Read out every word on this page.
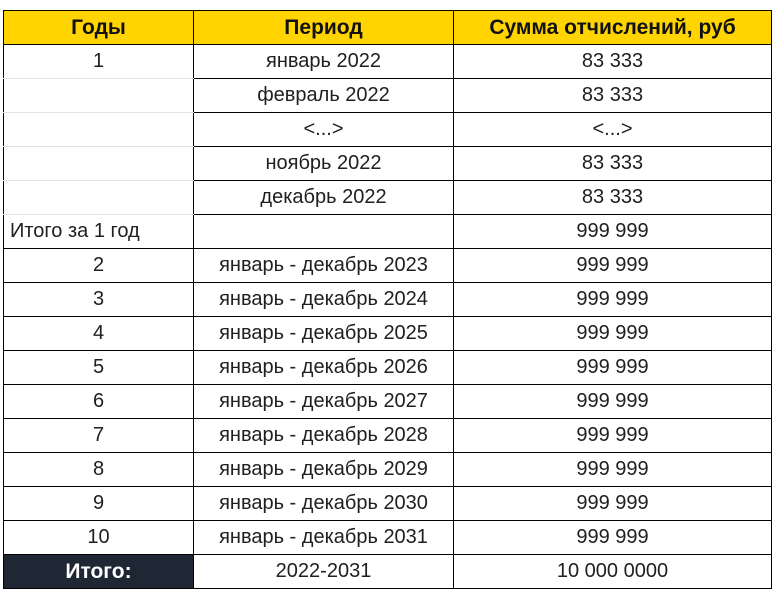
Годы	Период	Сумма отчислений, руб
1	январь 2022	83 333
	февраль 2022	83 333
	<...>	<...>
	ноябрь 2022	83 333
	декабрь 2022	83 333
Итого за 1 год		999 999
2	январь - декабрь 2023	999 999
3	январь - декабрь 2024	999 999
4	январь - декабрь 2025	999 999
5	январь - декабрь 2026	999 999
6	январь - декабрь 2027	999 999
7	январь - декабрь 2028	999 999
8	январь - декабрь 2029	999 999
9	январь - декабрь 2030	999 999
10	январь - декабрь 2031	999 999
Итого:	2022-2031	10 000 0000
